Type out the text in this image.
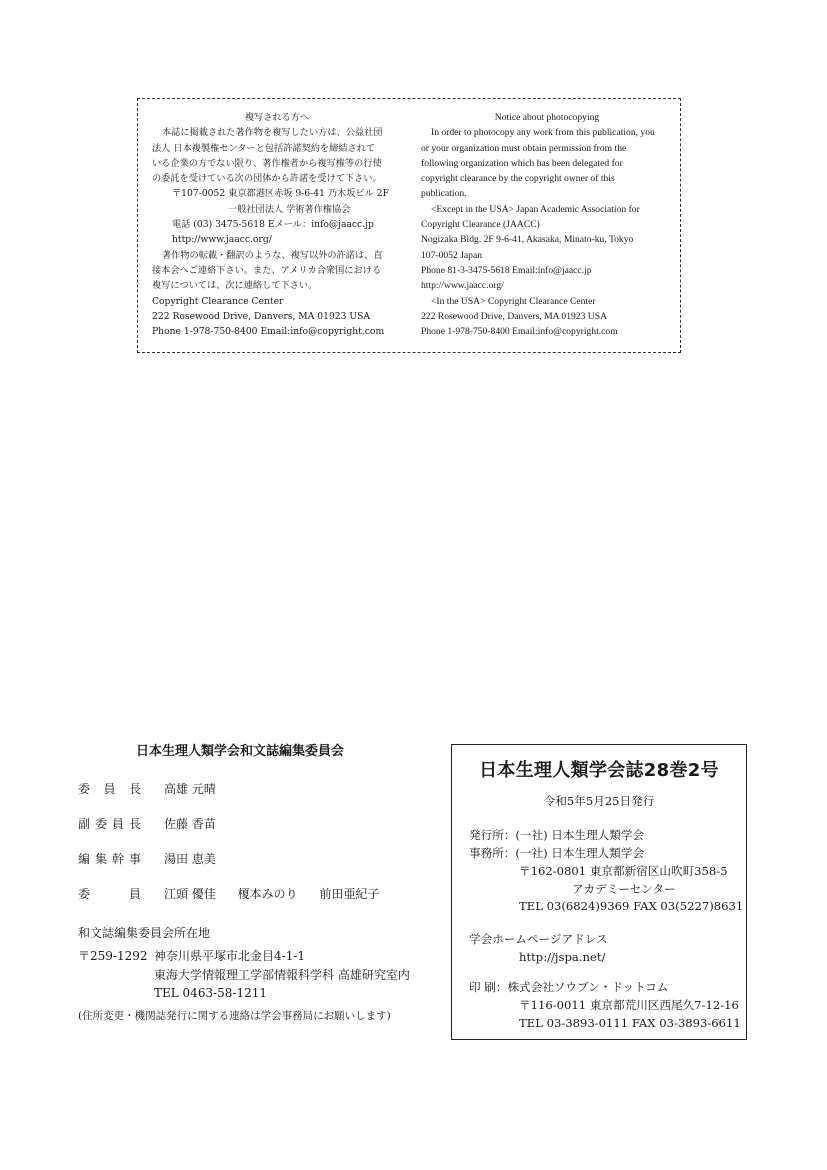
複写される方へ
本誌に掲載された著作物を複写したい方は、公益社団
法人 日本複製権センターと包括許諾契約を締結されて
いる企業の方でない限り、著作権者から複写権等の行使
の委託を受けている次の団体から許諾を受けて下さい。
〒107-0052 東京都港区赤坂 9-6-41 乃木坂ビル 2F
一般社団法人 学術著作権協会
電話 (03) 3475-5618 Eメール：info@jaacc.jp
http://www.jaacc.org/
著作物の転載・翻訳のような、複写以外の許諾は、直
接本会へご連絡下さい。また、アメリカ合衆国における
複写については、次に連絡して下さい。
Copyright Clearance Center
222 Rosewood Drive, Danvers, MA 01923 USA
Phone 1-978-750-8400 Email:info@copyright.com
Notice about photocopying
In order to photocopy any work from this publication, you
or your organization must obtain permission from the
following organization which has been delegated for
copyright clearance by the copyright owner of this
publication.
<Except in the USA> Japan Academic Association for
Copyright Clearance (JAACC)
Nogizaka Bldg. 2F 9-6-41, Akasaka, Minato-ku, Tokyo
107-0052 Japan
Phone 81-3-3475-5618 Email:info@jaacc.jp
http://www.jaacc.org/
<In the USA> Copyright Clearance Center
222 Rosewood Drive, Danvers, MA 01923 USA
Phone 1-978-750-8400 Email:info@copyright.com
日本生理人類学会和文誌編集委員会
委 員 長 高雄 元晴
副 委 員 長 佐藤 香苗
編 集 幹 事 湯田 恵美
委	員 江頭 優佳 榎本みのり 前田亜紀子
和文誌編集委員会所在地
〒259-1292 神奈川県平塚市北金目4-1-1
東海大学情報理工学部情報科学科 高雄研究室内
TEL 0463-58-1211
(住所変更・機関誌発行に関する連絡は学会事務局にお願いします)
日本生理人類学会誌28巻2号
令和5年5月25日発行
発行所：(一社) 日本生理人類学会
事務所：(一社) 日本生理人類学会
〒162-0801 東京都新宿区山吹町358-5
アカデミーセンター
TEL 03(6824)9369 FAX 03(5227)8631
学会ホームページアドレス
http://jspa.net/
印 刷：株式会社ソウブン・ドットコム
〒116-0011 東京都荒川区西尾久7-12-16
TEL 03-3893-0111 FAX 03-3893-6611
